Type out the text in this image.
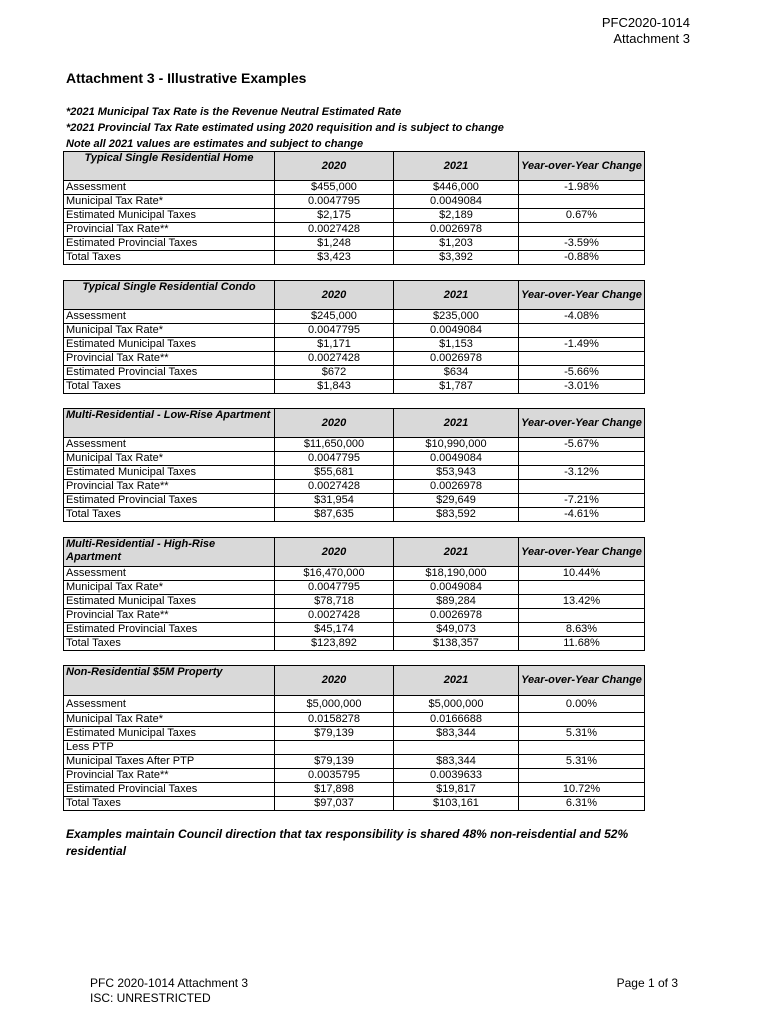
PFC2020-1014
Attachment 3
Attachment 3 - Illustrative Examples
*2021 Municipal Tax Rate is the Revenue Neutral Estimated Rate
*2021 Provincial Tax Rate estimated using 2020 requisition and is subject to change
Note all 2021 values are estimates and subject to change
Typical Single Residential Home	2020	2021	Year-over-Year Change
Assessment	$455,000	$446,000	-1.98%
Municipal Tax Rate*	0.0047795	0.0049084	
Estimated Municipal Taxes	$2,175	$2,189	0.67%
Provincial Tax Rate**	0.0027428	0.0026978	
Estimated Provincial Taxes	$1,248	$1,203	-3.59%
Total Taxes	$3,423	$3,392	-0.88%
Typical Single Residential Condo	2020	2021	Year-over-Year Change
Assessment	$245,000	$235,000	-4.08%
Municipal Tax Rate*	0.0047795	0.0049084	
Estimated Municipal Taxes	$1,171	$1,153	-1.49%
Provincial Tax Rate**	0.0027428	0.0026978	
Estimated Provincial Taxes	$672	$634	-5.66%
Total Taxes	$1,843	$1,787	-3.01%
Multi-Residential - Low-Rise Apartment	2020	2021	Year-over-Year Change
Assessment	$11,650,000	$10,990,000	-5.67%
Municipal Tax Rate*	0.0047795	0.0049084	
Estimated Municipal Taxes	$55,681	$53,943	-3.12%
Provincial Tax Rate**	0.0027428	0.0026978	
Estimated Provincial Taxes	$31,954	$29,649	-7.21%
Total Taxes	$87,635	$83,592	-4.61%
Multi-Residential - High-Rise Apartment	2020	2021	Year-over-Year Change
Assessment	$16,470,000	$18,190,000	10.44%
Municipal Tax Rate*	0.0047795	0.0049084	
Estimated Municipal Taxes	$78,718	$89,284	13.42%
Provincial Tax Rate**	0.0027428	0.0026978	
Estimated Provincial Taxes	$45,174	$49,073	8.63%
Total Taxes	$123,892	$138,357	11.68%
Non-Residential $5M Property	2020	2021	Year-over-Year Change
Assessment	$5,000,000	$5,000,000	0.00%
Municipal Tax Rate*	0.0158278	0.0166688	
Estimated Municipal Taxes	$79,139	$83,344	5.31%
Less PTP			
Municipal Taxes After PTP	$79,139	$83,344	5.31%
Provincial Tax Rate**	0.0035795	0.0039633	
Estimated Provincial Taxes	$17,898	$19,817	10.72%
Total Taxes	$97,037	$103,161	6.31%
Examples maintain Council direction that tax responsibility is shared 48% non-reisdential and 52% residential
PFC 2020-1014 Attachment 3
ISC: UNRESTRICTED
Page 1 of 3
